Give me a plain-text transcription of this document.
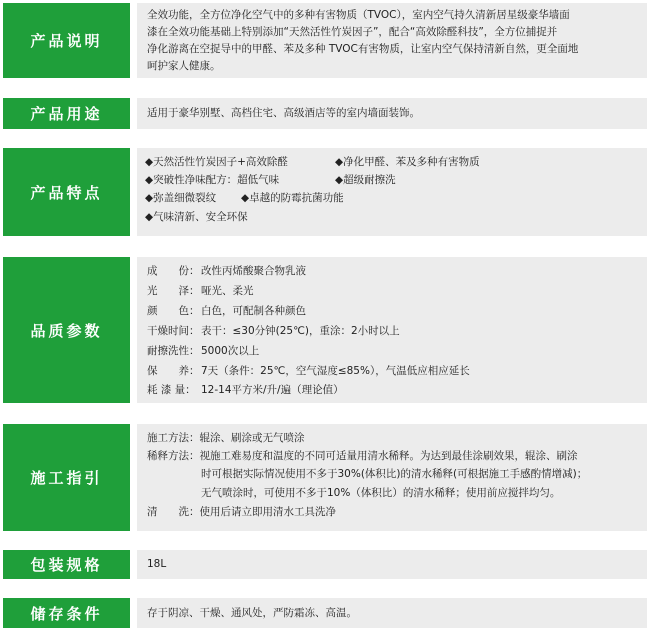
产品说明
全效功能，全方位净化空气中的多种有害物质（TVOC），室内空气持久清新居星级豪华墙面
漆在全效功能基础上特别添加“天然活性竹炭因子”，配合“高效除醛科技”，全方位捕捉并
净化游离在空捉导中的甲醛、苯及多种 TVOC有害物质，让室内空气保持清新自然，更全面地
呵护家人健康。
产品用途	适用于豪华别墅、高档住宅、高级酒店等的室内墙面装饰。
产品特点
◆天然活性竹炭因子+高效除醛	◆净化甲醛、苯及多种有害物质
◆突破性净味配方：超低气味	◆超级耐擦洗
◆弥盖细微裂纹 ◆卓越的防霉抗菌功能
◆气味清新、安全环保
品质参数
成　　份： 改性丙烯酸聚合物乳液
光　　泽： 哑光、柔光
颜　　色： 白色，可配制各种颜色
干燥时间： 表干：≤30分钟(25℃)，重涂：2小时以上
耐擦洗性： 5000次以上
保　　养： 7天（条件：25℃，空气湿度≤85%），气温低应相应延长
耗 漆 量： 12-14平方米/升/遍（理论值）
施工指引
施工方法：辊涂、刷涂或无气喷涂
稀释方法：视施工难易度和温度的不同可适量用清水稀释。为达到最佳涂刷效果，辊涂、刷涂
时可根据实际情况使用不多于30%(体积比)的清水稀释(可根据施工手感酌情增减)；
无气喷涂时，可使用不多于10%（体积比）的清水稀释；使用前应搅拌均匀。
清　　洗：使用后请立即用清水工具洗净
包装规格	18L
储存条件	存于阴凉、干燥、通风处，严防霜冻、高温。
